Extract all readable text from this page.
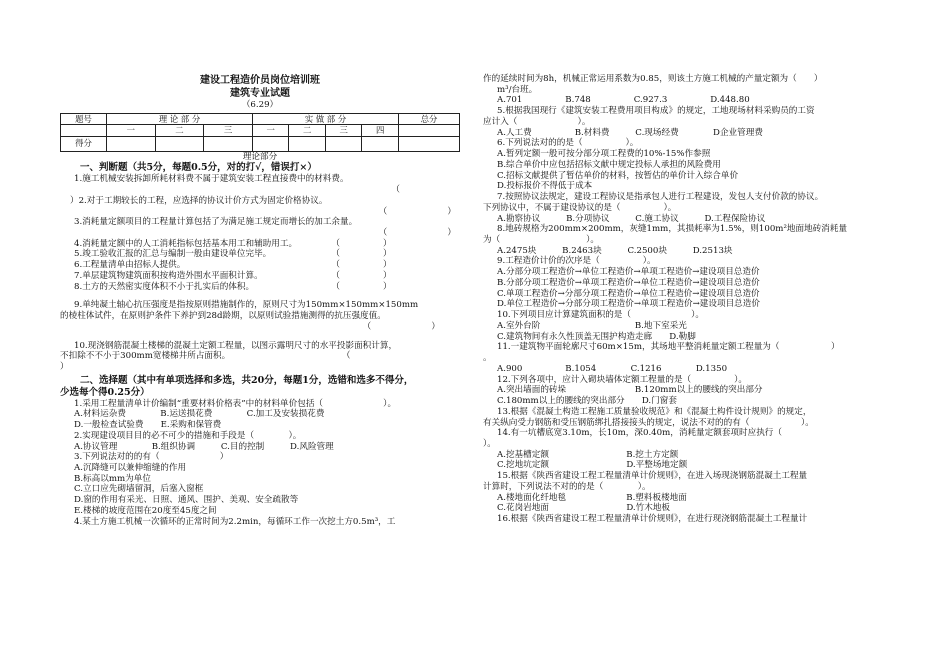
建设工程造价员岗位培训班
建筑专业试题
（6.29）
题号	理 论 部 分			实 做 部 分				总分
	一	二	三	一	二	三	四	
得分								
理论部分
一、判断题（共5分，每题0.5分，对的打√，错误打×）
1.施工机械安装拆卸所耗材料费不属于建筑安装工程直接费中的材料费。
（
）2.对于工期较长的工程，应选择的协议计价方式为固定价格协议。
（　　　　　　　）
3.消耗量定额项目的工程量计算包括了为满足施工规定而增长的加工余量。
（　　　　　　　）
4.消耗量定额中的人工消耗指标包括基本用工和辅助用工。　　　　　（　　　　　）
5.竣工验收汇报的汇总与编制一般由建设单位完毕。　　　　　　　　（　　　　　）
6.工程量清单由招标人提供。　　　　　　　　　　　　　　　　　　（　　　　　）
7.单层建筑物建筑面积按构造外围水平面积计算。　　　　　　　　　（　　　　　）
8.土方的天然密实度体积不小于扎实后的体积。　　　　　　　　　　（　　　　　）
9.单纯凝土轴心抗压强度是指按原则措施制作的，原则尺寸为150mm×150mm×150mm
的棱柱体试件，在原则护条件下养护到28d龄期，以原则试验措施测得的抗压强度值。
（　　　　　　　）
10.现浇钢筋混凝土楼梯的混凝土定额工程量，以图示露明尺寸的水平投影面积计算，
不扣除不不小于300mm宽楼梯井所占面积。　　　　　　　　　　　　　　（
）
二、选择题（其中有单项选择和多选，共20分，每题1分，选错和选多不得分，
少选每个得0.25分）
1.采用工程量清单计价编制“重要材料价格表”中的材料单价包括（　　　　　　　）。
A.材料运杂费　　　　B.运送损花费　　　　C.加工及安装损花费
D.一般检查试验费　　E.采购和保管费
2.实现建设项目目的必不可少的措施和手段是（　　　　）。
A.协议管理　　　　B.组织协调　　　C.目的控制　　　D.风险管理
3.下列说法对的的有（　　　　　　　）
A.沉降缝可以兼伸缩缝的作用
B.标高以mm为单位
C.立口应先砌墙留洞，后塞入窗框
D.窗的作用有采光、日照、通风、围护、美观、安全疏散等
E.楼梯的坡度范围在20度至45度之间
4.某土方施工机械一次循环的正常时间为2.2min，每循环工作一次挖土方0.5m³，工
作的延续时间为8h，机械正常运用系数为0.85，则该土方施工机械的产量定额为（　　）
m³/台班。
A.701　　　　　B.748　　　　　C.927.3　　　　　D.448.80
5.根据我国现行《建筑安装工程费用项目构成》的规定，工地现场材料采购员的工资
应计入（　　　　　　　）。
A.人工费　　　　　B.材料费　　　C.现场经费　　　　D企业管理费
6.下列说法对的的是（　　　　　）。
A.暂列定额一般可按分部分项工程费的10%-15%作参照
B.综合单价中应包括招标文献中规定投标人承担的风险费用
C.招标文献提供了暂估单价的材料，按暂估的单价计入综合单价
D.投标报价不得低于成本
7.按照协议法规定，建设工程协议是指承包人进行工程建设，发包人支付价款的协议。
下列协议中，不属于建设协议的是（　　　　　）。
A.勘察协议　　　B.分项协议　　　C.施工协议　　　D.工程保险协议
8.地砖规格为200mm×200mm，灰缝1mm，其损耗率为1.5%，则100m²地面地砖消耗量
为（　　　　　　　　　　）。
A.2475块　　　B.2463块　　　C.2500块　　　D.2513块
9.工程造价计价的次序是（　　　　　）。
A.分部分项工程造价→单位工程造价→单项工程造价→建设项目总造价
B.分部分项工程造价→单项工程造价→单位工程造价→建设项目总造价
C.单项工程造价→分部分项工程造价→单位工程造价→建设项目总造价
D.单位工程造价→分部分项工程造价→单项工程造价→建设项目总造价
10.下列项目应计算建筑面积的是（　　　　　　　）。
A.室外台阶　　　　　　　　　　　B.地下室采光
C.建筑物间有永久性顶盖无围护构造走廊　　D.勒脚
11.一建筑物平面轮廓尺寸60m×15m，其场地平整消耗量定额工程量为（　　　　　　）
。
A.900　　　　　B.1054　　　　C.1216　　　　D.1350
12.下列各项中，应计入砌块墙体定额工程量的是（　　　　　）。
A.突出墙面的砖垛　　　　　　　　B.120mm以上的腰线的突出部分
C.180mm以上的腰线的突出部分　　D.门窗套
13.根据《混凝土构造工程施工质量验收规范》和《混凝土构件设计规则》的规定，
有关纵向受力钢筋和受压钢筋绑扎搭接接头的规定，说法不对的的有（　　　　　　）。
14.有一坑槽底宽3.10m，长10m，深0.40m，消耗量定额套项时应执行（
）。
A.挖基槽定额　　　　　　　　　B.挖土方定额
C.挖地坑定额　　　　　　　　　D.平整场地定额
15.根据《陕西省建设工程工程量清单计价规则》，在进入场现浇钢筋混凝土工程量
计算时，下列说法不对的的是（　　　　）。
A.楼地面化纤地毯　　　　　　　B.塑料板楼地面
C.花岗岩地面　　　　　　　　　D.竹木地板
16.根据《陕西省建设工程工程量清单计价规则》，在进行现浇钢筋混凝土工程量计
